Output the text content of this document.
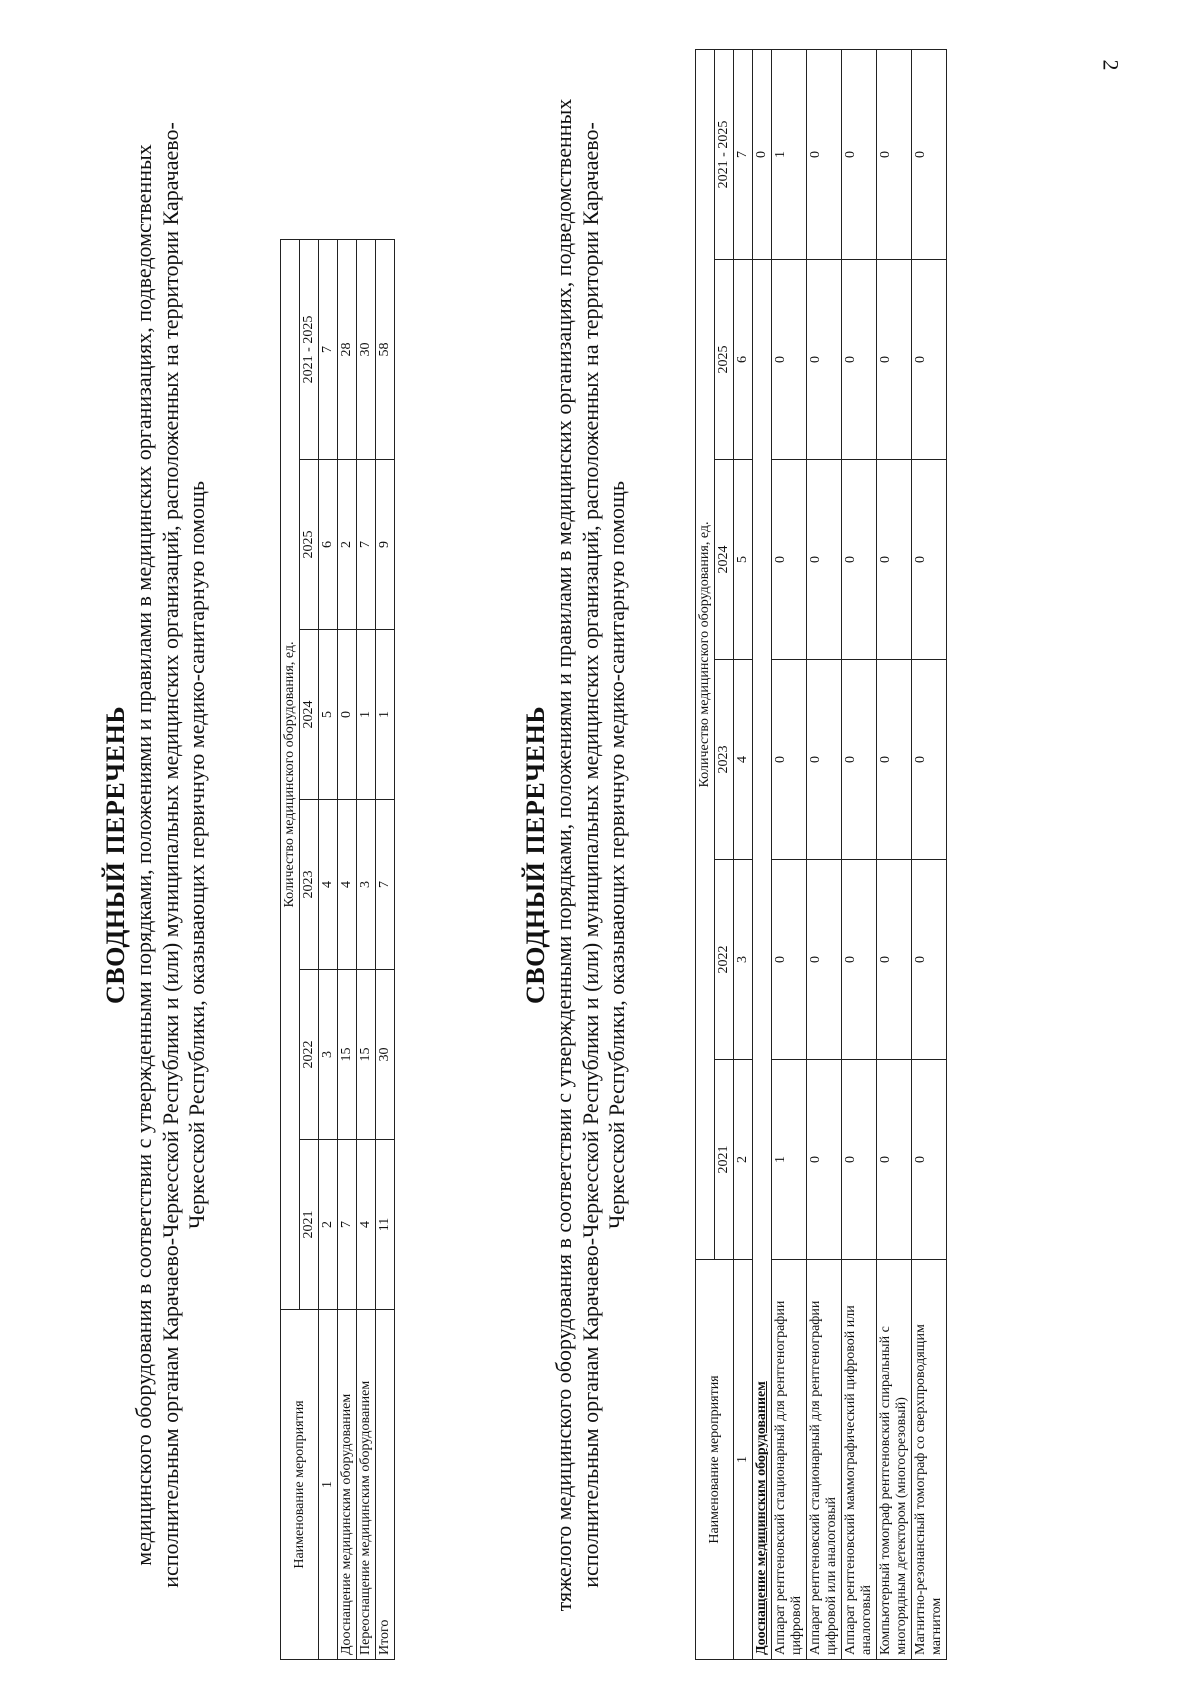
2
СВОДНЫЙ ПЕРЕЧЕНЬ медицинского оборудования в соответствии с утвержденными порядками, положениями и правилами в медицинских организациях, подведомственных исполнительным органам Карачаево-Черкесской Республики и (или) муниципальных медицинских организаций, расположенных на территории Карачаево-Черкесской Республики, оказывающих первичную медико-санитарную помощь
Наименование мероприятия	Количество медицинского оборудования, ед.					
	2021	2022	2023	2024	2025	2021 - 2025
1	2	3	4	5	6	7
Дооснащение медицинским оборудованием	7	15	4	0	2	28
Переоснащение медицинским оборудованием	4	15	3	1	7	30
Итого	11	30	7	1	9	58
СВОДНЫЙ ПЕРЕЧЕНЬ тяжелого медицинского оборудования в соответствии с утвержденными порядками, положениями и правилами в медицинских организациях, подведомственных исполнительным органам Карачаево-Черкесской Республики и (или) муниципальных медицинских организаций, расположенных на территории Карачаево-Черкесской Республики, оказывающих первичную медико-санитарную помощь
Наименование мероприятия	Количество медицинского оборудования, ед.					
	2021	2022	2023	2024	2025	2021 - 2025
1	2	3	4	5	6	7
Дооснащение медицинским оборудованием						0
Аппарат рентгеновский стационарный для рентгенографии цифровой	1	0	0	0	0	1
Аппарат рентгеновский стационарный для рентгенографии цифровой или аналоговый	0	0	0	0	0	0
Аппарат рентгеновский маммографический цифровой или аналоговый	0	0	0	0	0	0
Компьютерный томограф рентгеновский спиральный с многорядным детектором (многосрезовый)	0	0	0	0	0	0
Магнитно-резонансный томограф со сверхпроводящим магнитом	0	0	0	0	0	0
